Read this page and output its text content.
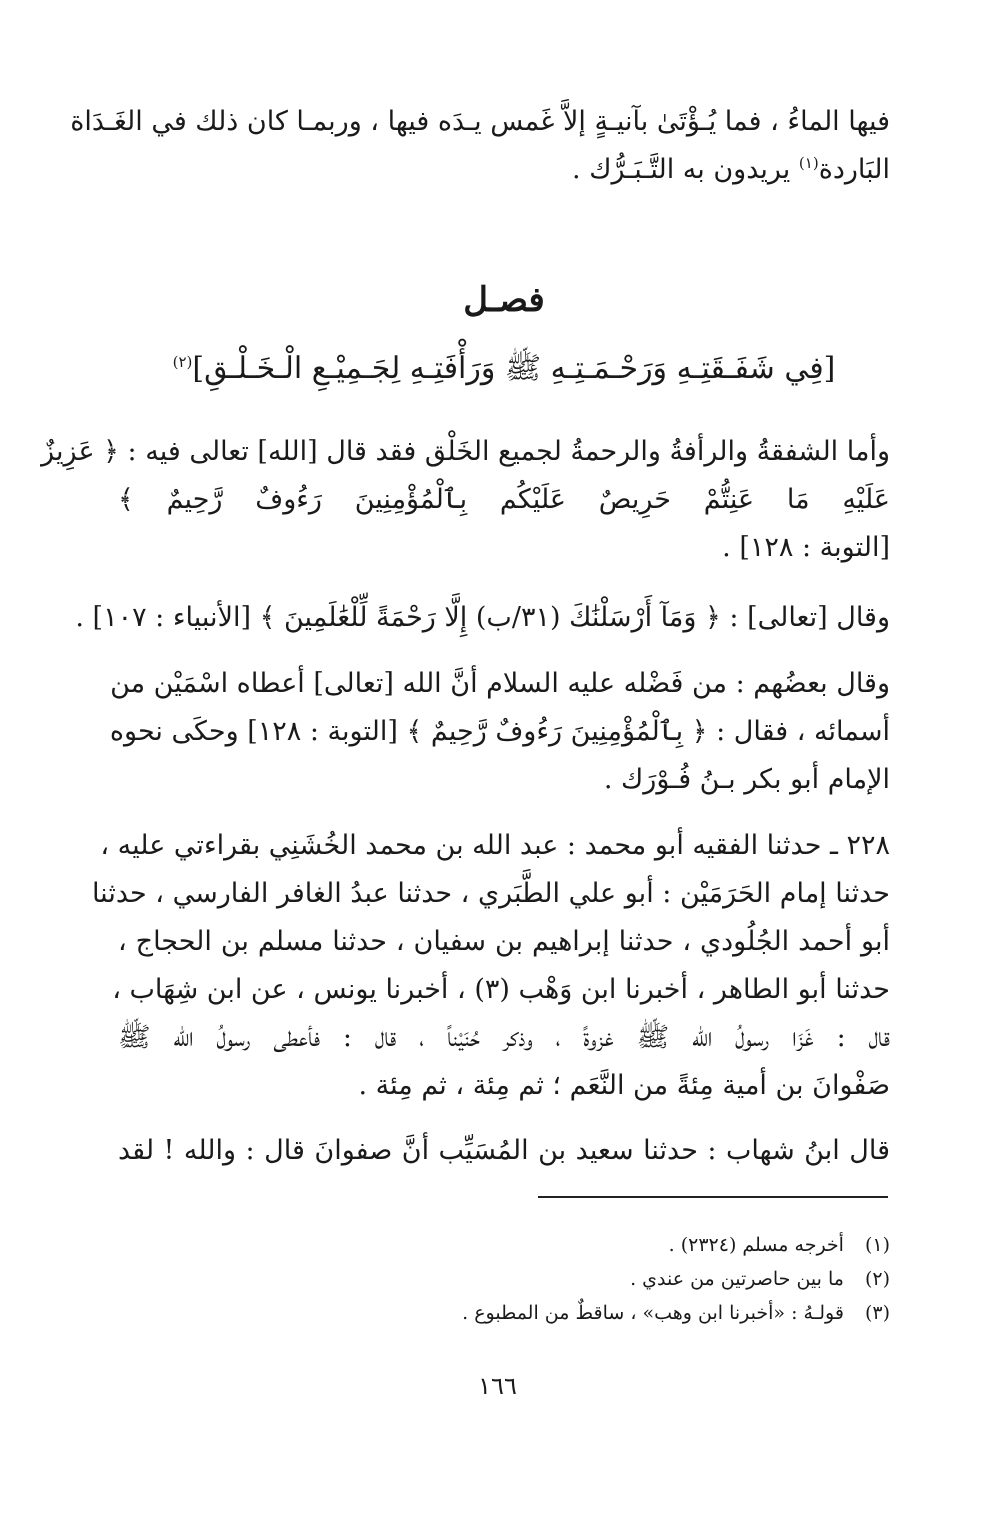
فيها الماءُ ، فما يُـؤْتَىٰ بآنيـةٍ إلاَّ غَمس يـدَه فيها ، وربمـا كان ذلك في الغَـدَاة
البَاردة$^{(١)}$ يريدون به التَّـبَـرُّك .
فصـل
[فِي شَفَـقَتِـهِ وَرَحْـمَـتِـهِ ﷺ وَرَأْفَتِـهِ لِجَـمِيْـعِ الْـخَـلْـقِ]$^{(٢)}$
وأما الشفقةُ والرأفةُ والرحمةُ لجميع الخَلْق فقد قال [الله] تعالى فيه : ﴿ عَزِيزٌ
عَلَيْهِ مَا عَنِتُّمْ حَرِيصٌ عَلَيْكُم بِٱلْمُؤْمِنِينَ رَءُوفٌ رَّحِيمٌ ﴾
[التوبة : ١٢٨] .
وقال [تعالى] : ﴿ وَمَآ أَرْسَلْنَٰكَ (٣١/ب) إِلَّا رَحْمَةً لِّلْعَٰلَمِينَ ﴾ [الأنبياء : ١٠٧] .
وقال بعضُهم : من فَضْله عليه السلام أنَّ الله [تعالى] أعطاه اسْمَيْن من
أسمائه ، فقال : ﴿ بِٱلْمُؤْمِنِينَ رَءُوفٌ رَّحِيمٌ ﴾ [التوبة : ١٢٨] وحكَى نحوه
الإمام أبو بكر بـنُ فُـوْرَك .
٢٢٨ ـ حدثنا الفقيه أبو محمد : عبد الله بن محمد الخُشَنِي بقراءتي عليه ،
حدثنا إمام الحَرَمَيْن : أبو علي الطَّبَري ، حدثنا عبدُ الغافر الفارسي ، حدثنا
أبو أحمد الجُلُودي ، حدثنا إبراهيم بن سفيان ، حدثنا مسلم بن الحجاج ،
حدثنا أبو الطاهر ، أخبرنا ابن وَهْب (٣) ، أخبرنا يونس ، عن ابن شِهَاب ،
قال : غَزَا رسولُ الله ﷺ غزوةً ، وذكر حُنَيْناً ، قال : فأعطى رسولُ الله ﷺ
صَفْوانَ بن أمية مِئةً من النَّعَم ؛ ثم مِئة ، ثم مِئة .
قال ابنُ شهاب : حدثنا سعيد بن المُسَيِّب أنَّ صفوانَ قال : والله ! لقد
(١) أخرجه مسلم (٢٣٢٤) .
(٢) ما بين حاصرتين من عندي .
(٣) قولـهُ : «أخبرنا ابن وهب» ، ساقطٌ من المطبوع .
١٦٦
